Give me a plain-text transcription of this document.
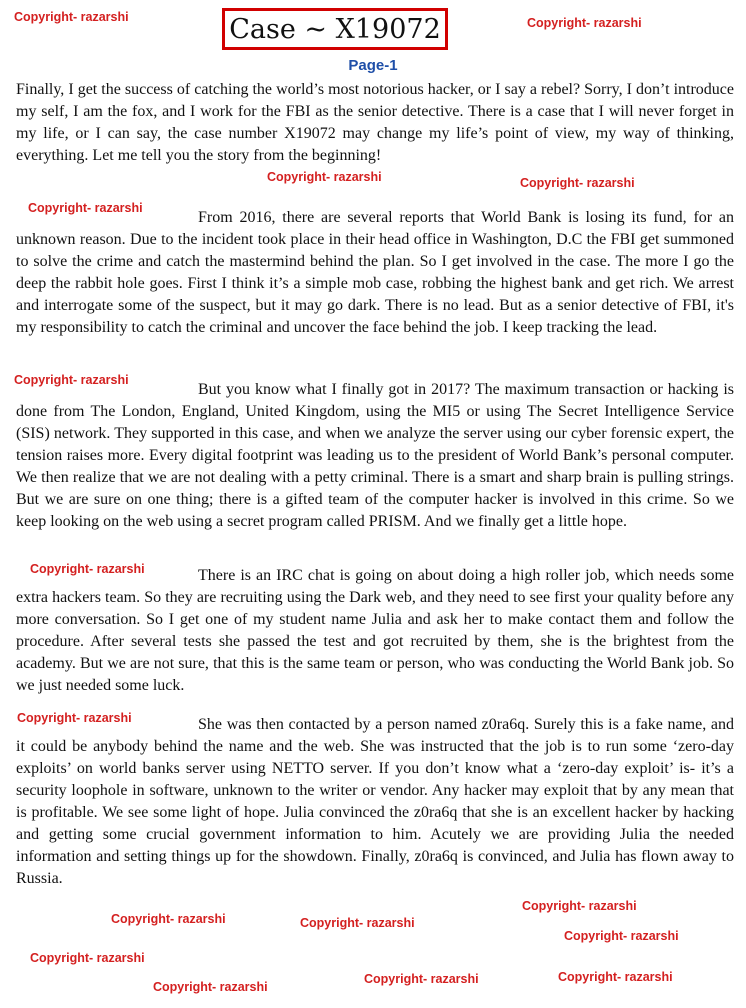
Case ~ X19072
Page-1

Finally, I get the success of catching the world’s most notorious hacker, or I say a rebel? Sorry, I don’t introduce my self, I am the fox, and I work for the FBI as the senior detective. There is a case that I will never forget in my life, or I can say, the case number X19072 may change my life’s point of view, my way of thinking, everything. Let me tell you the story from the beginning!

From 2016, there are several reports that World Bank is losing its fund, for an unknown reason. Due to the incident took place in their head office in Washington, D.C the FBI get summoned to solve the crime and catch the mastermind behind the plan. So I get involved in the case. The more I go the deep the rabbit hole goes. First I think it’s a simple mob case, robbing the highest bank and get rich. We arrest and interrogate some of the suspect, but it may go dark. There is no lead. But as a senior detective of FBI, it's my responsibility to catch the criminal and uncover the face behind the job. I keep tracking the lead.

But you know what I finally got in 2017? The maximum transaction or hacking is done from The London, England, United Kingdom, using the MI5 or using The Secret Intelligence Service (SIS) network. They supported in this case, and when we analyze the server using our cyber forensic expert, the tension raises more. Every digital footprint was leading us to the president of World Bank’s personal computer. We then realize that we are not dealing with a petty criminal. There is a smart and sharp brain is pulling strings. But we are sure on one thing; there is a gifted team of the computer hacker is involved in this crime. So we keep looking on the web using a secret program called PRISM. And we finally get a little hope.

There is an IRC chat is going on about doing a high roller job, which needs some extra hackers team. So they are recruiting using the Dark web, and they need to see first your quality before any more conversation. So I get one of my student name Julia and ask her to make contact them and follow the procedure. After several tests she passed the test and got recruited by them, she is the brightest from the academy. But we are not sure, that this is the same team or person, who was conducting the World Bank job. So we just needed some luck.

She was then contacted by a person named z0ra6q. Surely this is a fake name, and it could be anybody behind the name and the web. She was instructed that the job is to run some ‘zero-day exploits’ on world banks server using NETTO server. If you don’t know what a ‘zero-day exploit’ is- it’s a security loophole in software, unknown to the writer or vendor. Any hacker may exploit that by any mean that is profitable. We see some light of hope. Julia convinced the z0ra6q that she is an excellent hacker by hacking and getting some crucial government information to him. Acutely we are providing Julia the needed information and setting things up for the showdown. Finally, z0ra6q is convinced, and Julia has flown away to Russia.

Copyright- razarshi	Copyright- razarshi
Copyright- razarshi	Copyright- razarshi
Copyright- razarshi
Copyright- razarshi
Copyright- razarshi
Copyright- razarshi
Copyright- razarshi	Copyright- razarshi
Copyright- razarshi
Copyright- razarshi
Copyright- razarshi
Copyright- razarshi
Copyright- razarshi	Copyright- razarshi
